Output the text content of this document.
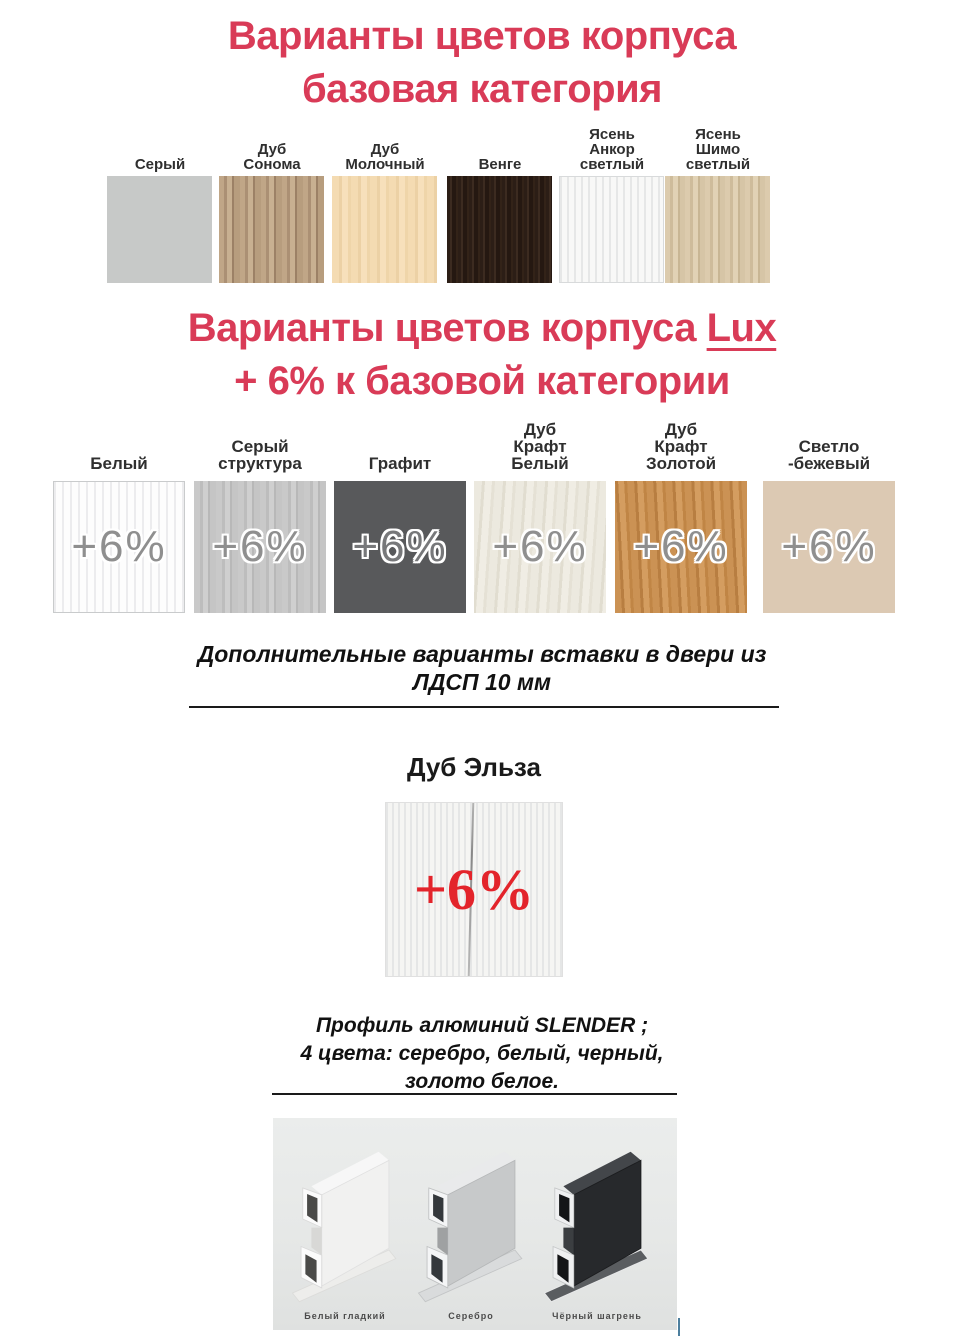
Варианты цветов корпуса
базовая категория
Серый
Дуб
Сонома
Дуб
Молочный	Венге
Ясень
Анкор
светлый
Ясень
Шимо
светлый
Варианты цветов корпуса Lux
+ 6% к базовой категории
Белый
Серый
структура	Графит
Дуб
Крафт
Белый
Дуб
Крафт
Золотой
Светло
-бежевый
+6%	+6%	+6%	+6%	+6%	+6%
Дополнительные варианты вставки в двери из
ЛДСП 10 мм
Дуб Эльза
+6%
Профиль алюминий SLENDER ;
4 цвета: серебро, белый, черный,
золото белое.
Белый гладкий	Серебро	Чёрный шагрень
